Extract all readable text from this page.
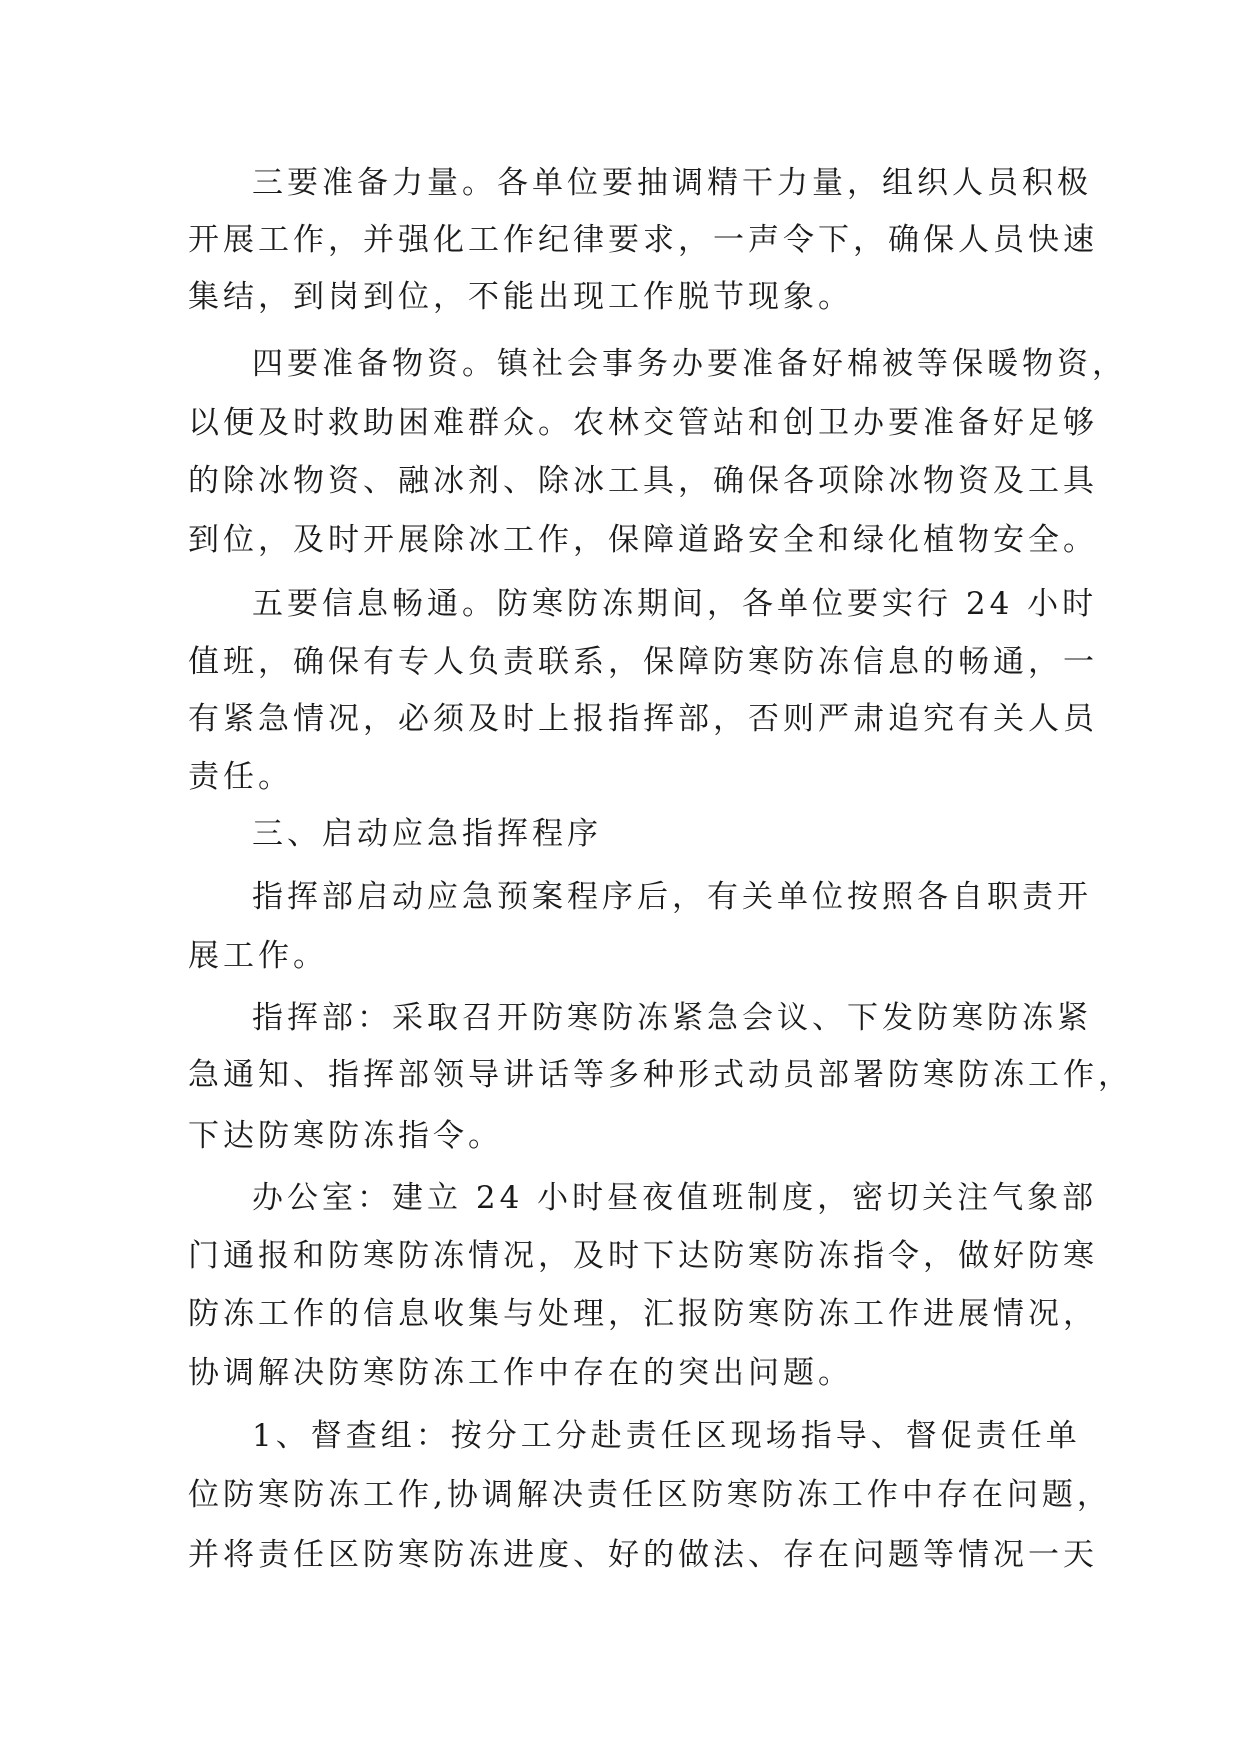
三要准备力量。各单位要抽调精干力量，组织人员积极
开展工作，并强化工作纪律要求，一声令下，确保人员快速
集结，到岗到位，不能出现工作脱节现象。
四要准备物资。镇社会事务办要准备好棉被等保暖物资，
以便及时救助困难群众。农林交管站和创卫办要准备好足够
的除冰物资、融冰剂、除冰工具，确保各项除冰物资及工具
到位，及时开展除冰工作，保障道路安全和绿化植物安全。
五要信息畅通。防寒防冻期间，各单位要实行 24 小时
值班，确保有专人负责联系，保障防寒防冻信息的畅通，一
有紧急情况，必须及时上报指挥部，否则严肃追究有关人员
责任。
三、启动应急指挥程序
指挥部启动应急预案程序后，有关单位按照各自职责开
展工作。
指挥部：采取召开防寒防冻紧急会议、下发防寒防冻紧
急通知、指挥部领导讲话等多种形式动员部署防寒防冻工作，
下达防寒防冻指令。
办公室：建立 24 小时昼夜值班制度，密切关注气象部
门通报和防寒防冻情况，及时下达防寒防冻指令，做好防寒
防冻工作的信息收集与处理，汇报防寒防冻工作进展情况，
协调解决防寒防冻工作中存在的突出问题。
1、督查组：按分工分赴责任区现场指导、督促责任单
位防寒防冻工作,协调解决责任区防寒防冻工作中存在问题，
并将责任区防寒防冻进度、好的做法、存在问题等情况一天
